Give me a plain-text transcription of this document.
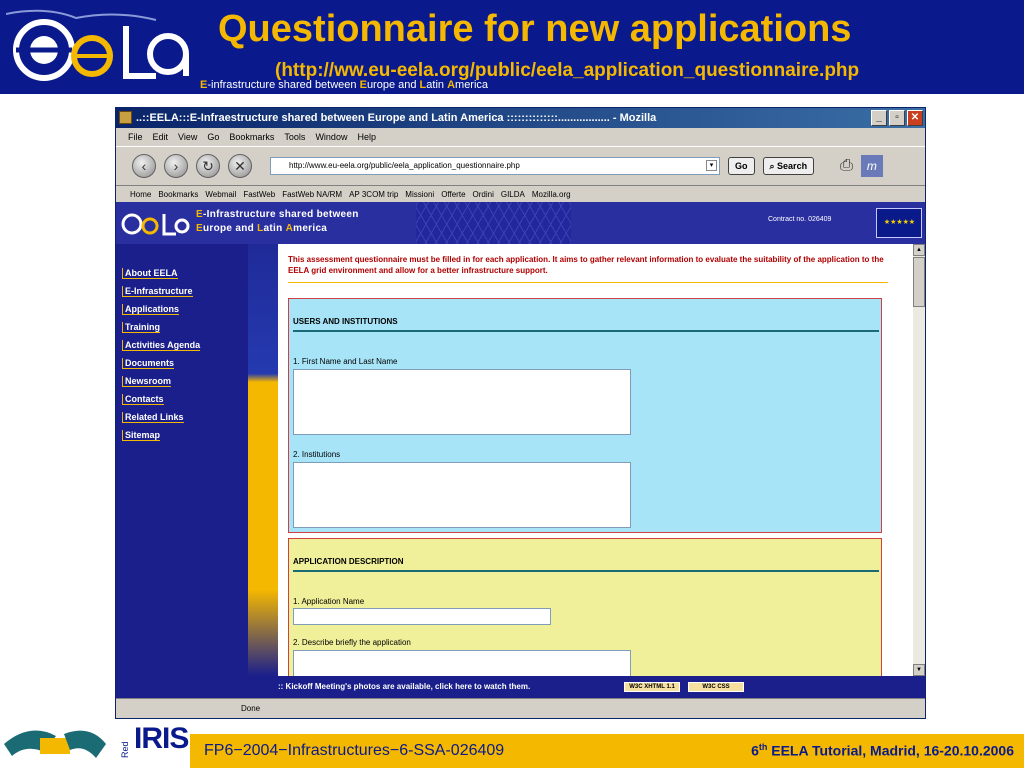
Questionnaire for new applications
(http://ww.eu-eela.org/public/eela_application_questionnaire.php
E-infrastructure shared between Europe and Latin America
..::EELA:::E-Infraestructure shared between Europe and Latin America ::::::::::::::................. - Mozilla	_	▫	✕
File Edit View Go Bookmarks Tools Window Help
‹	›	↻	✕	http://www.eu-eela.org/public/eela_application_questionnaire.php	▾	Go	⌕ Search	⎙	m
Home Bookmarks Webmail FastWeb FastWeb NA/RM AP 3COM trip Missioni Offerte Ordini GILDA Mozilla.org
E-Infrastructure shared between
Europe and Latin America
Contract no. 026409	★ ★ ★ ★ ★
About EELA
E-Infrastructure
Applications
Training
Activities Agenda
Documents
Newsroom
Contacts
Related Links
Sitemap
This assessment questionnaire must be filled in for each application. It aims to gather relevant information to evaluate the suitability of the application to the EELA grid environment and allow for a better infrastructure support.
USERS AND INSTITUTIONS
1. First Name and Last Name
2. Institutions
APPLICATION DESCRIPTION
1. Application Name
2. Describe briefly the application
▲
▼
:: Kickoff Meeting's photos are available, click here to watch them.	W3C XHTML 1.1	W3C CSS
Done
Red IRIS FP6−2004−Infrastructures−6-SSA-026409	6th EELA Tutorial, Madrid, 16-20.10.2006
